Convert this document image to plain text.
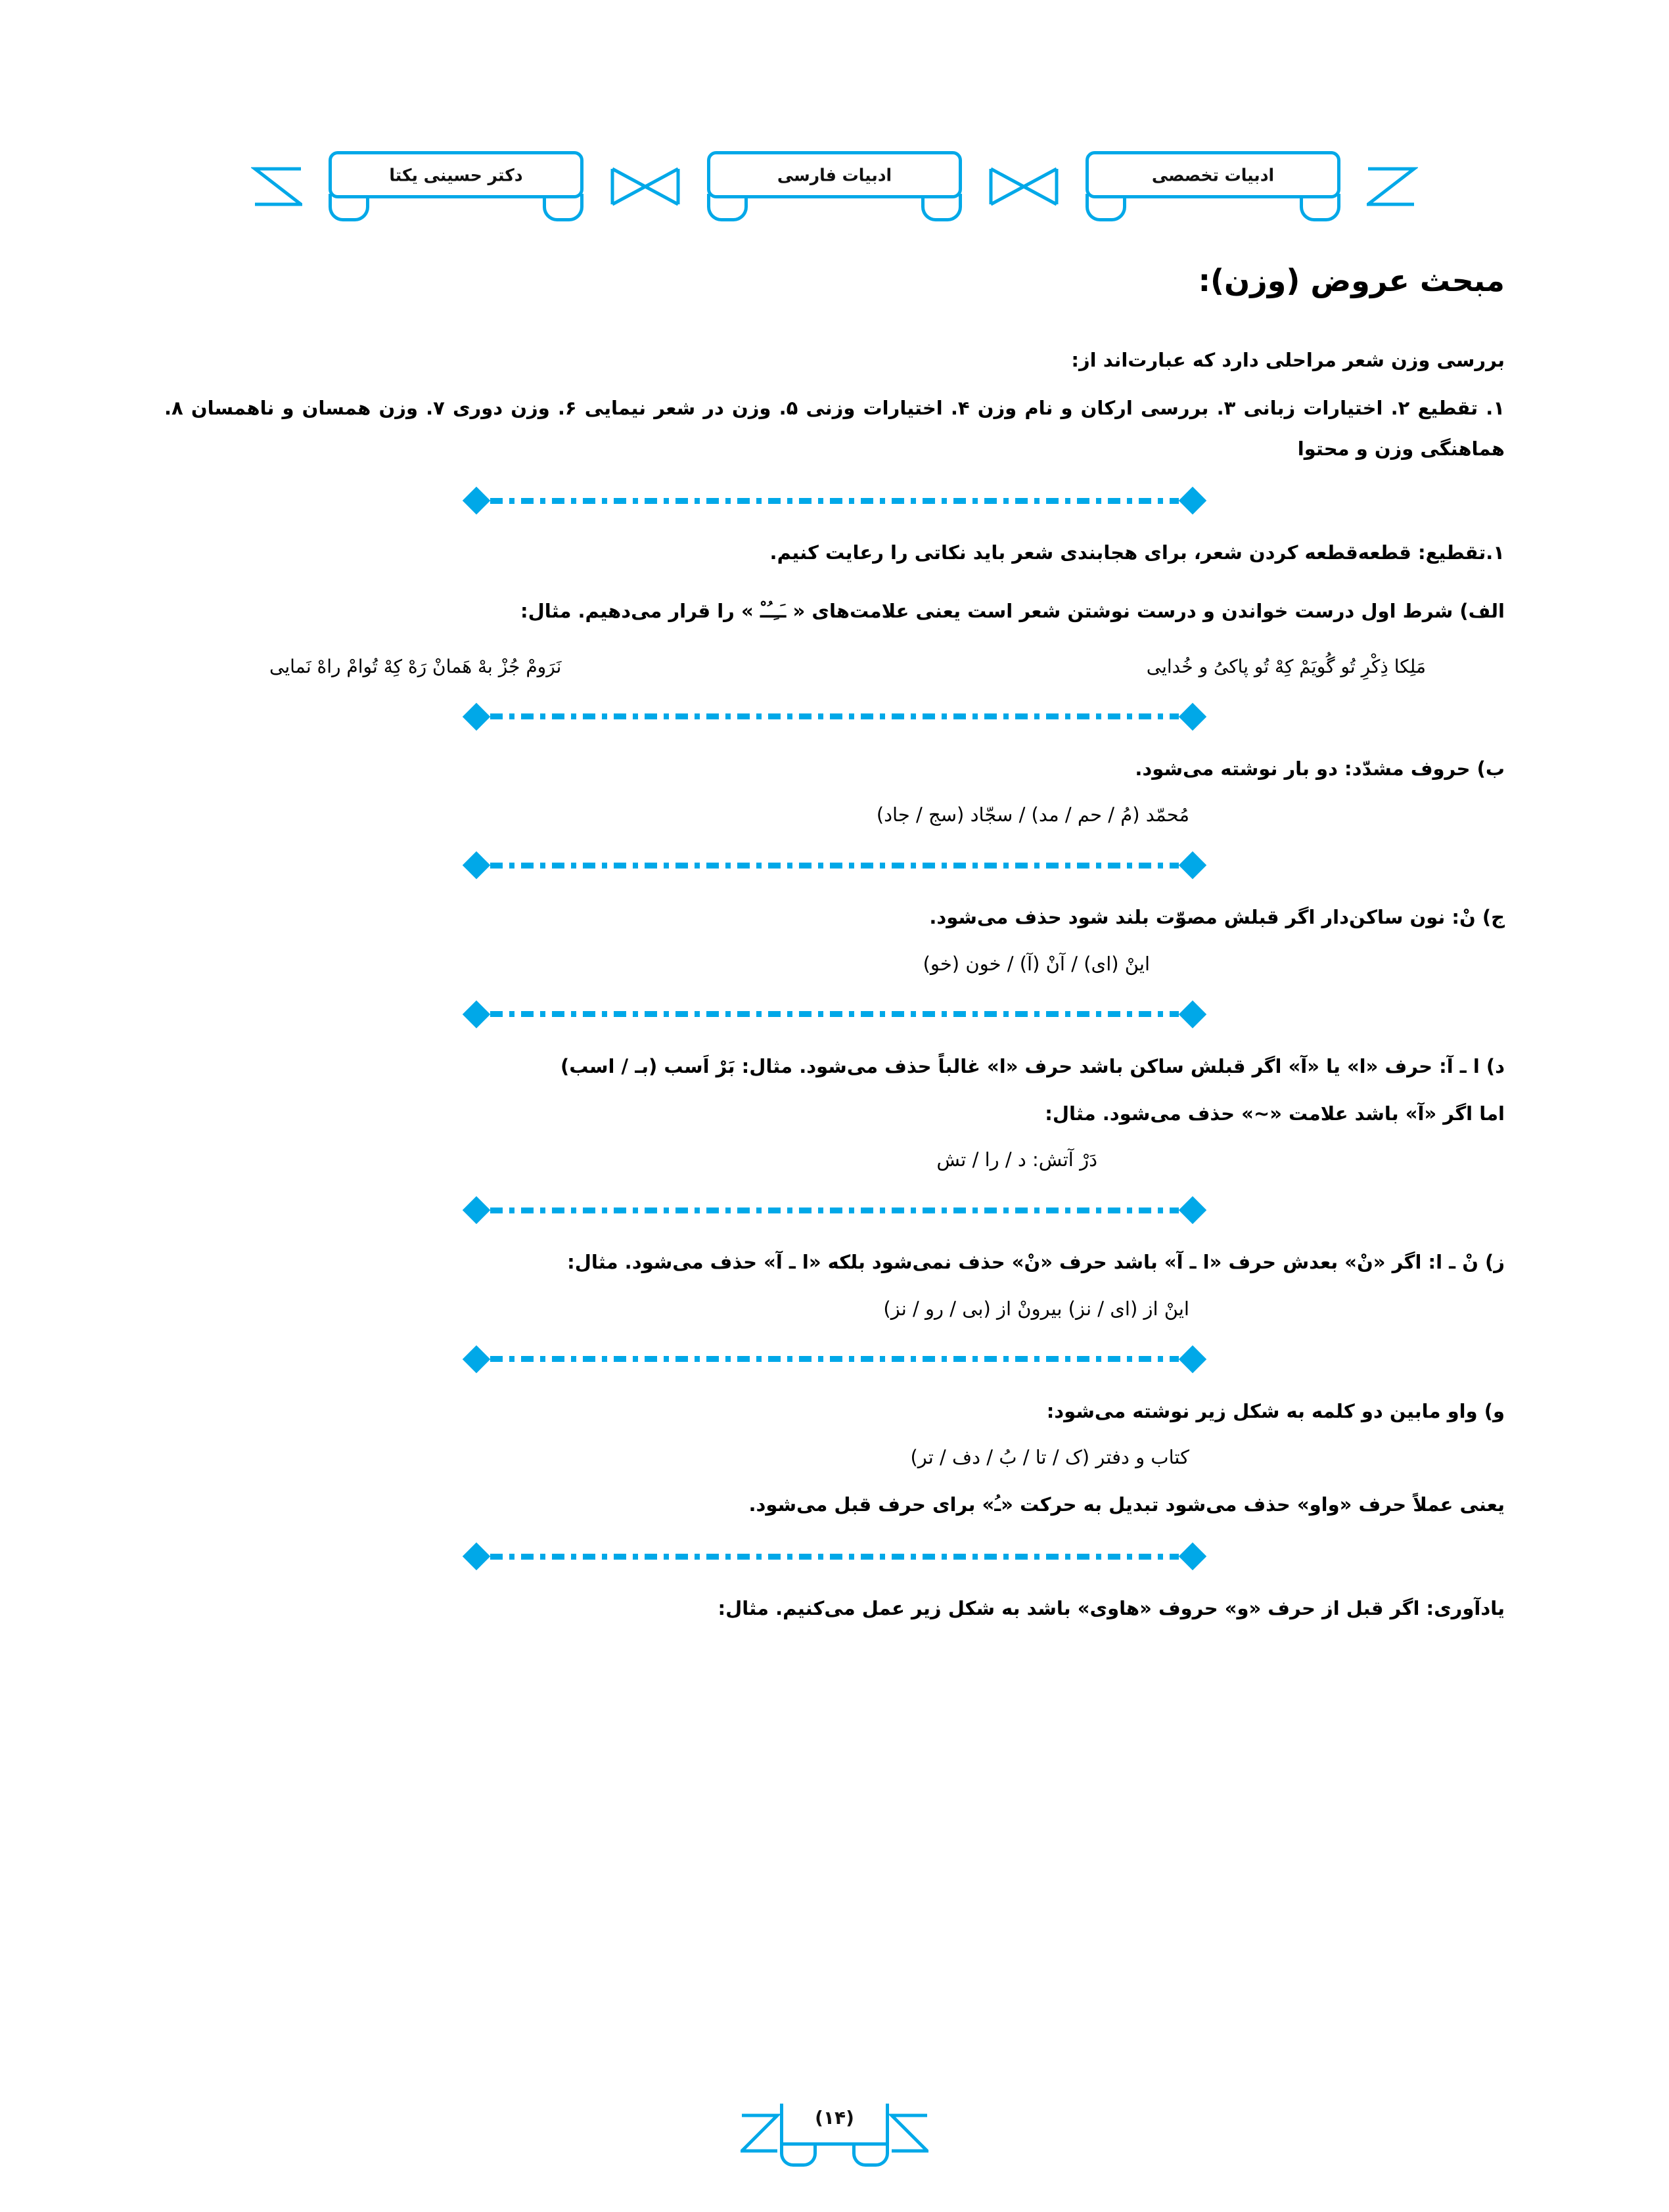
دکتر حسینی یکتا	ادبیات فارسی	ادبیات تخصصی
مبحث عروض (وزن):

بررسی وزن شعر مراحلی دارد که عبارت‌اند از:

۱. تقطیع ۲. اختیارات زبانی ۳. بررسی ارکان و نام وزن ۴. اختیارات وزنی ۵. وزن در شعر نیمایی ۶. وزن دوری ۷. وزن همسان و ناهمسان ۸. هماهنگی وزن و محتوا

۱.تقطیع: قطعه‌قطعه کردن شعر، برای هجابندی شعر باید نکاتی را رعایت کنیم.

الف) شرط اول درست خواندن و درست نوشتن شعر است یعنی علامت‌های « ـَـِـُـْ » را قرار می‌دهیم. مثال:

مَلِکا ذِکْرِ تُو گُویَمْ کِهْ تُو پاکیُ و خُدایی
نَرَومْ جُزْ بهْ هَمانْ رَهْ کِهْ تُوامْ راهْ نَمایی

ب) حروف مشدّد: دو بار نوشته می‌شود.

مُحمّد (مُ / حم / مد) / سجّاد (سج / جاد)

ج) نْ: نون ساکن‌دار اگر قبلش مصوّت بلند شود حذف می‌شود.

اینْ (ای) / آنْ (آ) / خون (خو)

د) ا ـ آ: حرف «ا» یا «آ» اگر قبلش ساکن باشد حرف «ا» غالباً حذف می‌شود. مثال: بَرْ اَسب (بـ / اسب)

اما اگر «آ» باشد علامت «~» حذف می‌شود. مثال:

دَرْ آتش: د / را / تش

ز) نْ ـ ا: اگر «نْ» بعدش حرف «ا ـ آ» باشد حرف «نْ» حذف نمی‌شود بلکه «ا ـ آ» حذف می‌شود. مثال:

اینْ از (ای / نز) بیرونْ از (بی / رو / نز)

و) واو مابین دو کلمه به شکل زیر نوشته می‌شود:

کتاب و دفتر (ک / تا / بُ / دف / تر)

یعنی عملاً حرف «واو» حذف می‌شود تبدیل به حرکت «ـُ» برای حرف قبل می‌شود.

یادآوری: اگر قبل از حرف «و» حروف «هاوی» باشد به شکل زیر عمل می‌کنیم. مثال:

(۱۴)
